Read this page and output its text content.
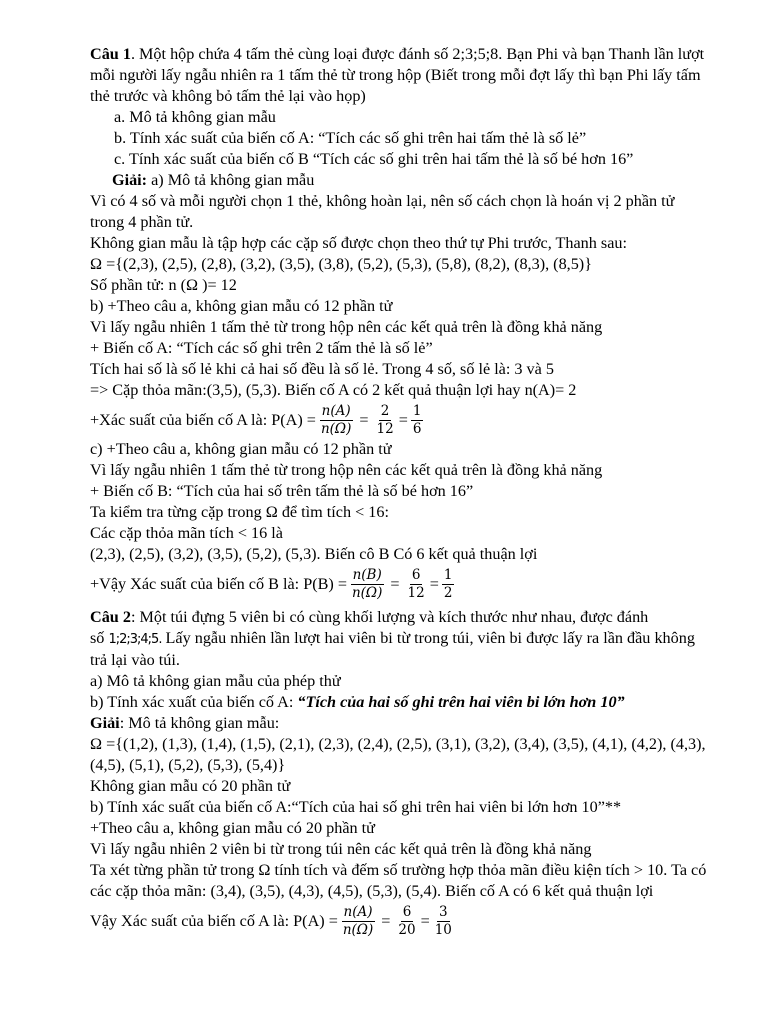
Câu 1. Một hộp chứa 4 tấm thẻ cùng loại được đánh số 2;3;5;8. Bạn Phi và bạn Thanh lần lượt mỗi người lấy ngẫu nhiên ra 1 tấm thẻ từ trong hộp (Biết trong mỗi đợt lấy thì bạn Phi lấy tấm thẻ trước và không bỏ tấm thẻ lại vào họp)
a. Mô tả không gian mẫu
b. Tính xác suất của biến cố A: “Tích các số ghi trên hai tấm thẻ là số lẻ”
c. Tính xác suất của biến cố B “Tích các số ghi trên hai tấm thẻ là số bé hơn 16”
Giải: a) Mô tả không gian mẫu
Vì có 4 số và mỗi người chọn 1 thẻ, không hoàn lại, nên số cách chọn là hoán vị 2 phần tử trong 4 phần tử.
Không gian mẫu là tập hợp các cặp số được chọn theo thứ tự Phi trước, Thanh sau:
Ω ={(2,3), (2,5), (2,8), (3,2), (3,5), (3,8), (5,2), (5,3), (5,8), (8,2), (8,3), (8,5)}
Số phần tử: n (Ω )= 12
b) +Theo câu a, không gian mẫu có 12 phần tử
Vì lấy ngẫu nhiên 1 tấm thẻ từ trong hộp nên các kết quả trên là đồng khả năng
+ Biến cố A: “Tích các số ghi trên 2 tấm thẻ là số lẻ”
Tích hai số là số lẻ khi cả hai số đều là số lẻ. Trong 4 số, số lẻ là: 3 và 5
=> Cặp thỏa mãn:(3,5), (5,3). Biến cố A có 2 kết quả thuận lợi hay n(A)= 2
+Xác suất của biến cố A là: $P(A) = \frac{n(A)}{n(\Omega)} = \frac{2}{12} = \frac{1}{6}$
c) +Theo câu a, không gian mẫu có 12 phần tử
Vì lấy ngẫu nhiên 1 tấm thẻ từ trong hộp nên các kết quả trên là đồng khả năng
+ Biến cố B: “Tích của hai số trên tấm thẻ là số bé hơn 16”
Ta kiểm tra từng cặp trong Ω để tìm tích < 16:
Các cặp thỏa mãn tích < 16 là
(2,3), (2,5), (3,2), (3,5), (5,2), (5,3). Biến cô B Có 6 kết quả thuận lợi
+Vậy Xác suất của biến cố B là: $P(B) = \frac{n(B)}{n(\Omega)} = \frac{6}{12} = \frac{1}{2}$
Câu 2: Một túi đựng 5 viên bi có cùng khối lượng và kích thước như nhau, được đánh
số 1;2;3;4;5. Lấy ngẫu nhiên lần lượt hai viên bi từ trong túi, viên bi được lấy ra lần đầu không trả lại vào túi.
a) Mô tả không gian mẫu của phép thử
b) Tính xác xuất của biến cố A: “Tích của hai số ghi trên hai viên bi lớn hơn 10”
Giải: Mô tả không gian mẫu:
Ω ={(1,2), (1,3), (1,4), (1,5), (2,1), (2,3), (2,4), (2,5), (3,1), (3,2), (3,4), (3,5), (4,1), (4,2), (4,3), (4,5), (5,1), (5,2), (5,3), (5,4)}
Không gian mẫu có 20 phần tử
b) Tính xác suất của biến cố A:“Tích của hai số ghi trên hai viên bi lớn hơn 10”**
+Theo câu a, không gian mẫu có 20 phần tử
Vì lấy ngẫu nhiên 2 viên bi từ trong túi nên các kết quả trên là đồng khả năng
Ta xét từng phần tử trong Ω tính tích và đếm số trường hợp thỏa mãn điều kiện tích > 10. Ta có các cặp thỏa mãn: (3,4), (3,5), (4,3), (4,5), (5,3), (5,4). Biến cố A có 6 kết quả thuận lợi
Vậy Xác suất của biến cố A là: $P(A) = \frac{n(A)}{n(\Omega)} = \frac{6}{20} = \frac{3}{10}$
